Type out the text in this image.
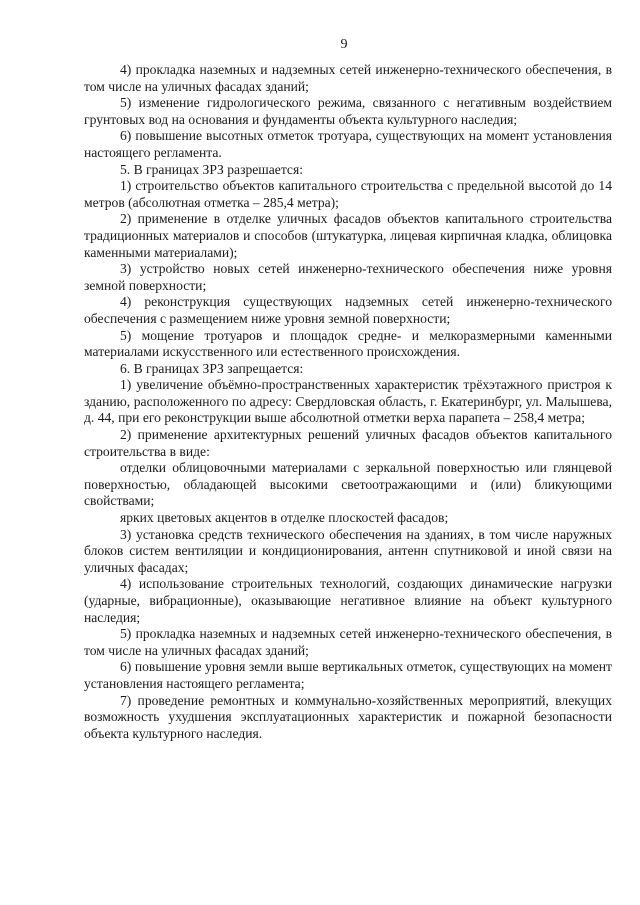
9

4) прокладка наземных и надземных сетей инженерно-технического обеспечения, в том числе на уличных фасадах зданий;

5) изменение гидрологического режима, связанного с негативным воздействием грунтовых вод на основания и фундаменты объекта культурного наследия;

6) повышение высотных отметок тротуара, существующих на момент установления настоящего регламента.

5. В границах ЗРЗ разрешается:

1) строительство объектов капитального строительства с предельной высотой до 14 метров (абсолютная отметка – 285,4 метра);

2) применение в отделке уличных фасадов объектов капитального строительства традиционных материалов и способов (штукатурка, лицевая кирпичная кладка, облицовка каменными материалами);

3) устройство новых сетей инженерно-технического обеспечения ниже уровня земной поверхности;

4) реконструкция существующих надземных сетей инженерно-технического обеспечения с размещением ниже уровня земной поверхности;

5) мощение тротуаров и площадок средне- и мелкоразмерными каменными материалами искусственного или естественного происхождения.

6. В границах ЗРЗ запрещается:

1) увеличение объёмно-пространственных характеристик трёхэтажного пристроя к зданию, расположенного по адресу: Свердловская область, г. Екатеринбург, ул. Малышева, д. 44, при его реконструкции выше абсолютной отметки верха парапета – 258,4 метра;

2) применение архитектурных решений уличных фасадов объектов капитального строительства в виде:

отделки облицовочными материалами с зеркальной поверхностью или глянцевой поверхностью, обладающей высокими светоотражающими и (или) бликующими свойствами;

ярких цветовых акцентов в отделке плоскостей фасадов;

3) установка средств технического обеспечения на зданиях, в том числе наружных блоков систем вентиляции и кондиционирования, антенн спутниковой и иной связи на уличных фасадах;

4) использование строительных технологий, создающих динамические нагрузки (ударные, вибрационные), оказывающие негативное влияние на объект культурного наследия;

5) прокладка наземных и надземных сетей инженерно-технического обеспечения, в том числе на уличных фасадах зданий;

6) повышение уровня земли выше вертикальных отметок, существующих на момент установления настоящего регламента;

7) проведение ремонтных и коммунально-хозяйственных мероприятий, влекущих возможность ухудшения эксплуатационных характеристик и пожарной безопасности объекта культурного наследия.
